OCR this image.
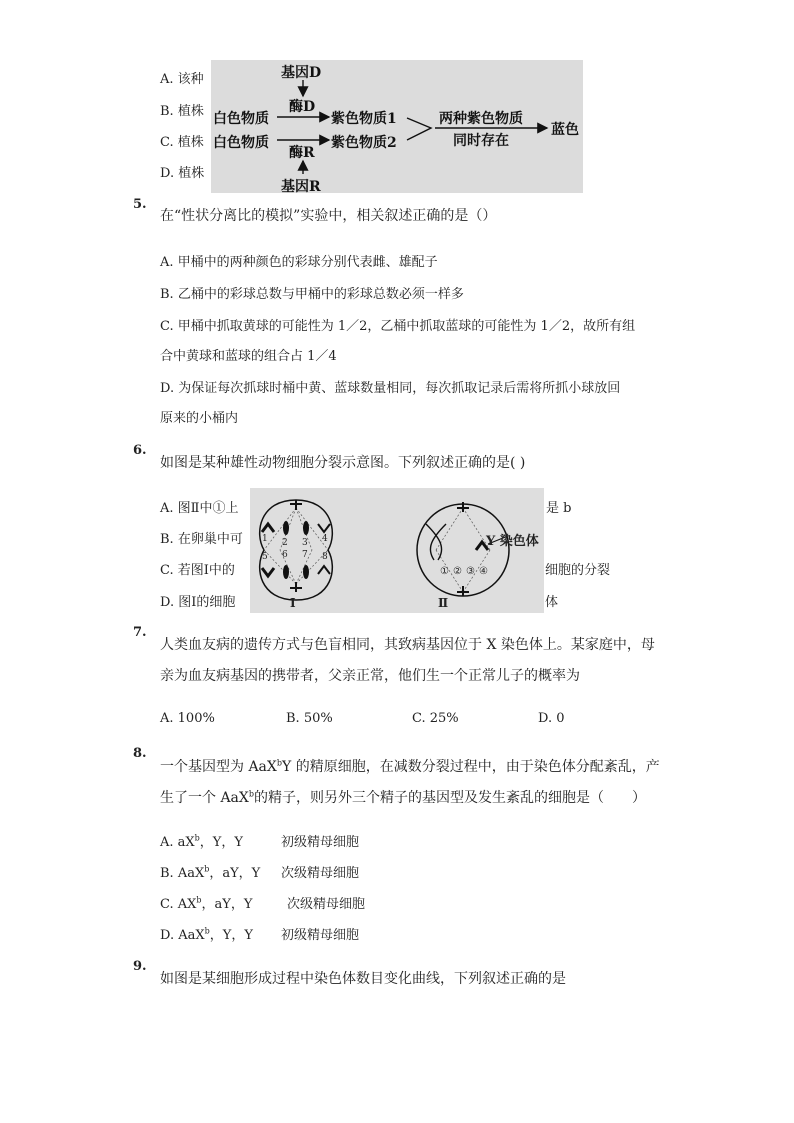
A. 该种
B. 植株
C. 植株
D. 植株
基因D
酶D
白色物质	紫色物质1
白色物质	紫色物质2
酶R
基因R
两种紫色物质
同时存在
蓝色
5.
在“性状分离比的模拟”实验中，相关叙述正确的是（）
A. 甲桶中的两种颜色的彩球分别代表雌、雄配子
B. 乙桶中的彩球总数与甲桶中的彩球总数必须一样多
C. 甲桶中抓取黄球的可能性为 1／2，乙桶中抓取蓝球的可能性为 1／2，故所有组
合中黄球和蓝球的组合占 1／4
D. 为保证每次抓球时桶中黄、蓝球数量相同，每次抓取记录后需将所抓小球放回
原来的小桶内
6.
如图是某种雄性动物细胞分裂示意图。下列叙述正确的是( )
A. 图Ⅱ中①上
B. 在卵巢中可
C. 若图Ⅰ中的
D. 图Ⅰ的细胞
是 b
细胞的分裂
体
1 2 3 4
5 6 7 8
① ② ③ ④
Y 染色体
Ⅰ	Ⅱ
7.
人类血友病的遗传方式与色盲相同，其致病基因位于 X 染色体上。某家庭中，母
亲为血友病基因的携带者，父亲正常，他们生一个正常儿子的概率为
A. 100%	B. 50%	C. 25%	D. 0
8.
一个基因型为 AaX$^b$Y 的精原细胞，在减数分裂过程中，由于染色体分配紊乱，产
生了一个 AaX$^b$的精子，则另外三个精子的基因型及发生紊乱的细胞是（　　）
A. $aX^b$，Y，Y	初级精母细胞
B. AaX$^b$，aY，Y 次级精母细胞
C. $AX^b$，aY，Y	次级精母细胞
D. AaX$^b$，Y，Y 初级精母细胞
9.
如图是某细胞形成过程中染色体数目变化曲线，下列叙述正确的是
